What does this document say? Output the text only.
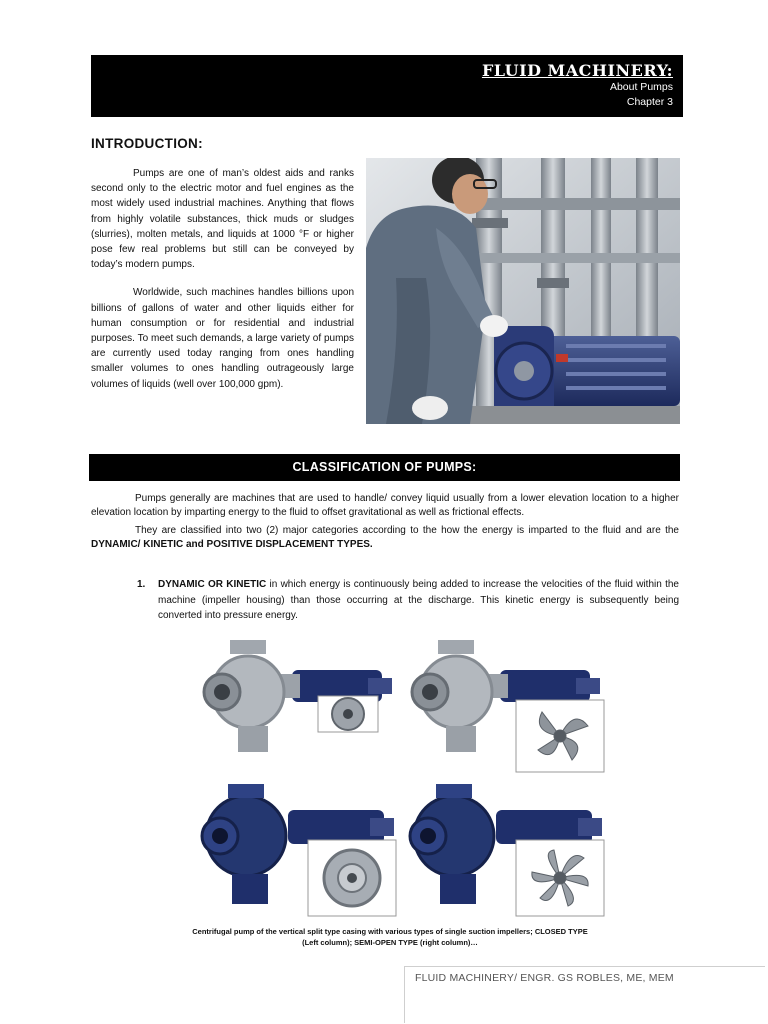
FLUID MACHINERY:
About Pumps
Chapter 3
INTRODUCTION:

Pumps are one of man’s oldest aids and ranks second only to the electric motor and fuel engines as the most widely used industrial machines. Anything that flows from highly volatile substances, thick muds or sludges (slurries), molten metals, and liquids at 1000 °F or higher pose few real problems but still can be conveyed by today’s modern pumps.

Worldwide, such machines handles billions upon billions of gallons of water and other liquids either for human consumption or for residential and industrial purposes. To meet such demands, a large variety of pumps are currently used today ranging from ones handling smaller volumes to ones handling outrageously large volumes of liquids (well over 100,000 gpm).

CLASSIFICATION OF PUMPS:

Pumps generally are machines that are used to handle/ convey liquid usually from a lower elevation location to a higher elevation location by imparting energy to the fluid to offset gravitational as well as frictional effects.

They are classified into two (2) major categories according to the how the energy is imparted to the fluid and are the DYNAMIC/ KINETIC and POSITIVE DISPLACEMENT TYPES.

1. DYNAMIC OR KINETIC in which energy is continuously being added to increase the velocities of the fluid within the machine (impeller housing) than those occurring at the discharge. This kinetic energy is subsequently being converted into pressure energy.
Centrifugal pump of the vertical split type casing with various types of single suction impellers; CLOSED TYPE
(Left column); SEMI-OPEN TYPE (right column)…
FLUID MACHINERY/ ENGR. GS ROBLES, ME, MEM
